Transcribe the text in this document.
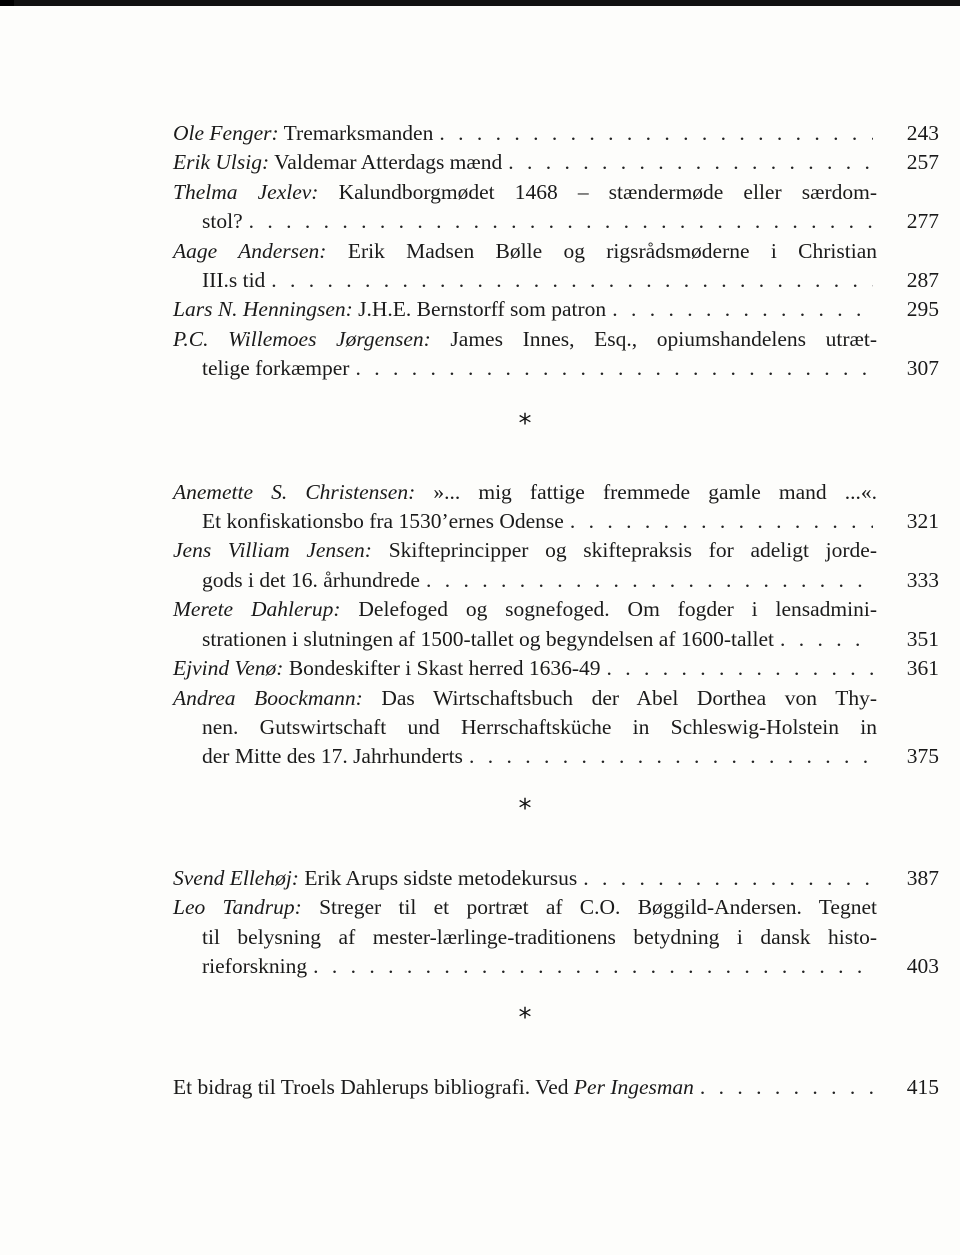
Ole Fenger: Tremarksmanden . . .	243
Erik Ulsig: Valdemar Atterdags mænd . . .	257
Thelma Jexlev: Kalundborgmødet 1468 – stændermøde eller særdom-
stol? . . .	277
Aage Andersen: Erik Madsen Bølle og rigsrådsmøderne i Christian
III.s tid . . .	287
Lars N. Henningsen: J.H.E. Bernstorff som patron . . .	295
P.C. Willemoes Jørgensen: James Innes, Esq., opiumshandelens utræt-
telige forkæmper . . .	307
*
Anemette S. Christensen: »... mig fattige fremmede gamle mand ...«.
Et konfiskationsbo fra 1530’ernes Odense . . .	321
Jens Villiam Jensen: Skifteprincipper og skiftepraksis for adeligt jorde-
gods i det 16. århundrede . . .	333
Merete Dahlerup: Delefoged og sognefoged. Om fogder i lensadmini-
strationen i slutningen af 1500-tallet og begyndelsen af 1600-tallet . . .	351
Ejvind Venø: Bondeskifter i Skast herred 1636-49 . . .	361
Andrea Boockmann: Das Wirtschaftsbuch der Abel Dorthea von Thy-
nen. Gutswirtschaft und Herrschaftsküche in Schleswig-Holstein in
der Mitte des 17. Jahrhunderts . . .	375
*
Svend Ellehøj: Erik Arups sidste metodekursus . . .	387
Leo Tandrup: Streger til et portræt af C.O. Bøggild-Andersen. Tegnet
til belysning af mester-lærlinge-traditionens betydning i dansk histo-
rieforskning . . .	403
*
Et bidrag til Troels Dahlerups bibliografi. Ved Per Ingesman . . .	415
